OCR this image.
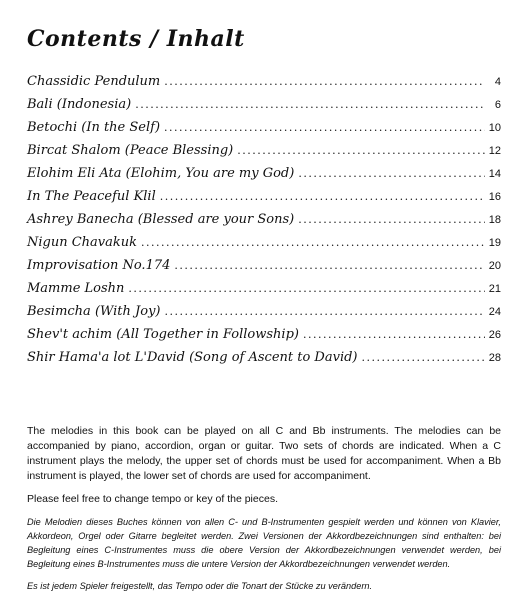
Contents / Inhalt
Chassidic Pendulum .....	4
Bali (Indonesia) .....	6
Betochi (In the Self) .....	10
Bircat Shalom (Peace Blessing) .....	12
Elohim Eli Ata (Elohim, You are my God) .....	14
In The Peaceful Klil .....	16
Ashrey Banecha (Blessed are your Sons) .....	18
Nigun Chavakuk .....	19
Improvisation No.174 .....	20
Mamme Loshn .....	21
Besimcha (With Joy) .....	24
Shev't achim (All Together in Followship) .....	26
Shir Hama'a lot L'David (Song of Ascent to David) .....	28

The melodies in this book can be played on all C and Bb instruments. The melodies can be accompanied by piano, accordion, organ or guitar. Two sets of chords are indicated. When a C instrument plays the melody, the upper set of chords must be used for accompaniment. When a Bb instrument is played, the lower set of chords are used for accompaniment.

Please feel free to change tempo or key of the pieces.

Die Melodien dieses Buches können von allen C- und B-Instrumenten gespielt werden und können von Klavier, Akkordeon, Orgel oder Gitarre begleitet werden. Zwei Versionen der Akkordbezeichnungen sind enthalten: bei Begleitung eines C-Instrumentes muss die obere Version der Akkordbezeichnungen verwendet werden, bei Begleitung eines B-Instrumentes muss die untere Version der Akkordbezeichnungen verwendet werden.

Es ist jedem Spieler freigestellt, das Tempo oder die Tonart der Stücke zu verändern.
